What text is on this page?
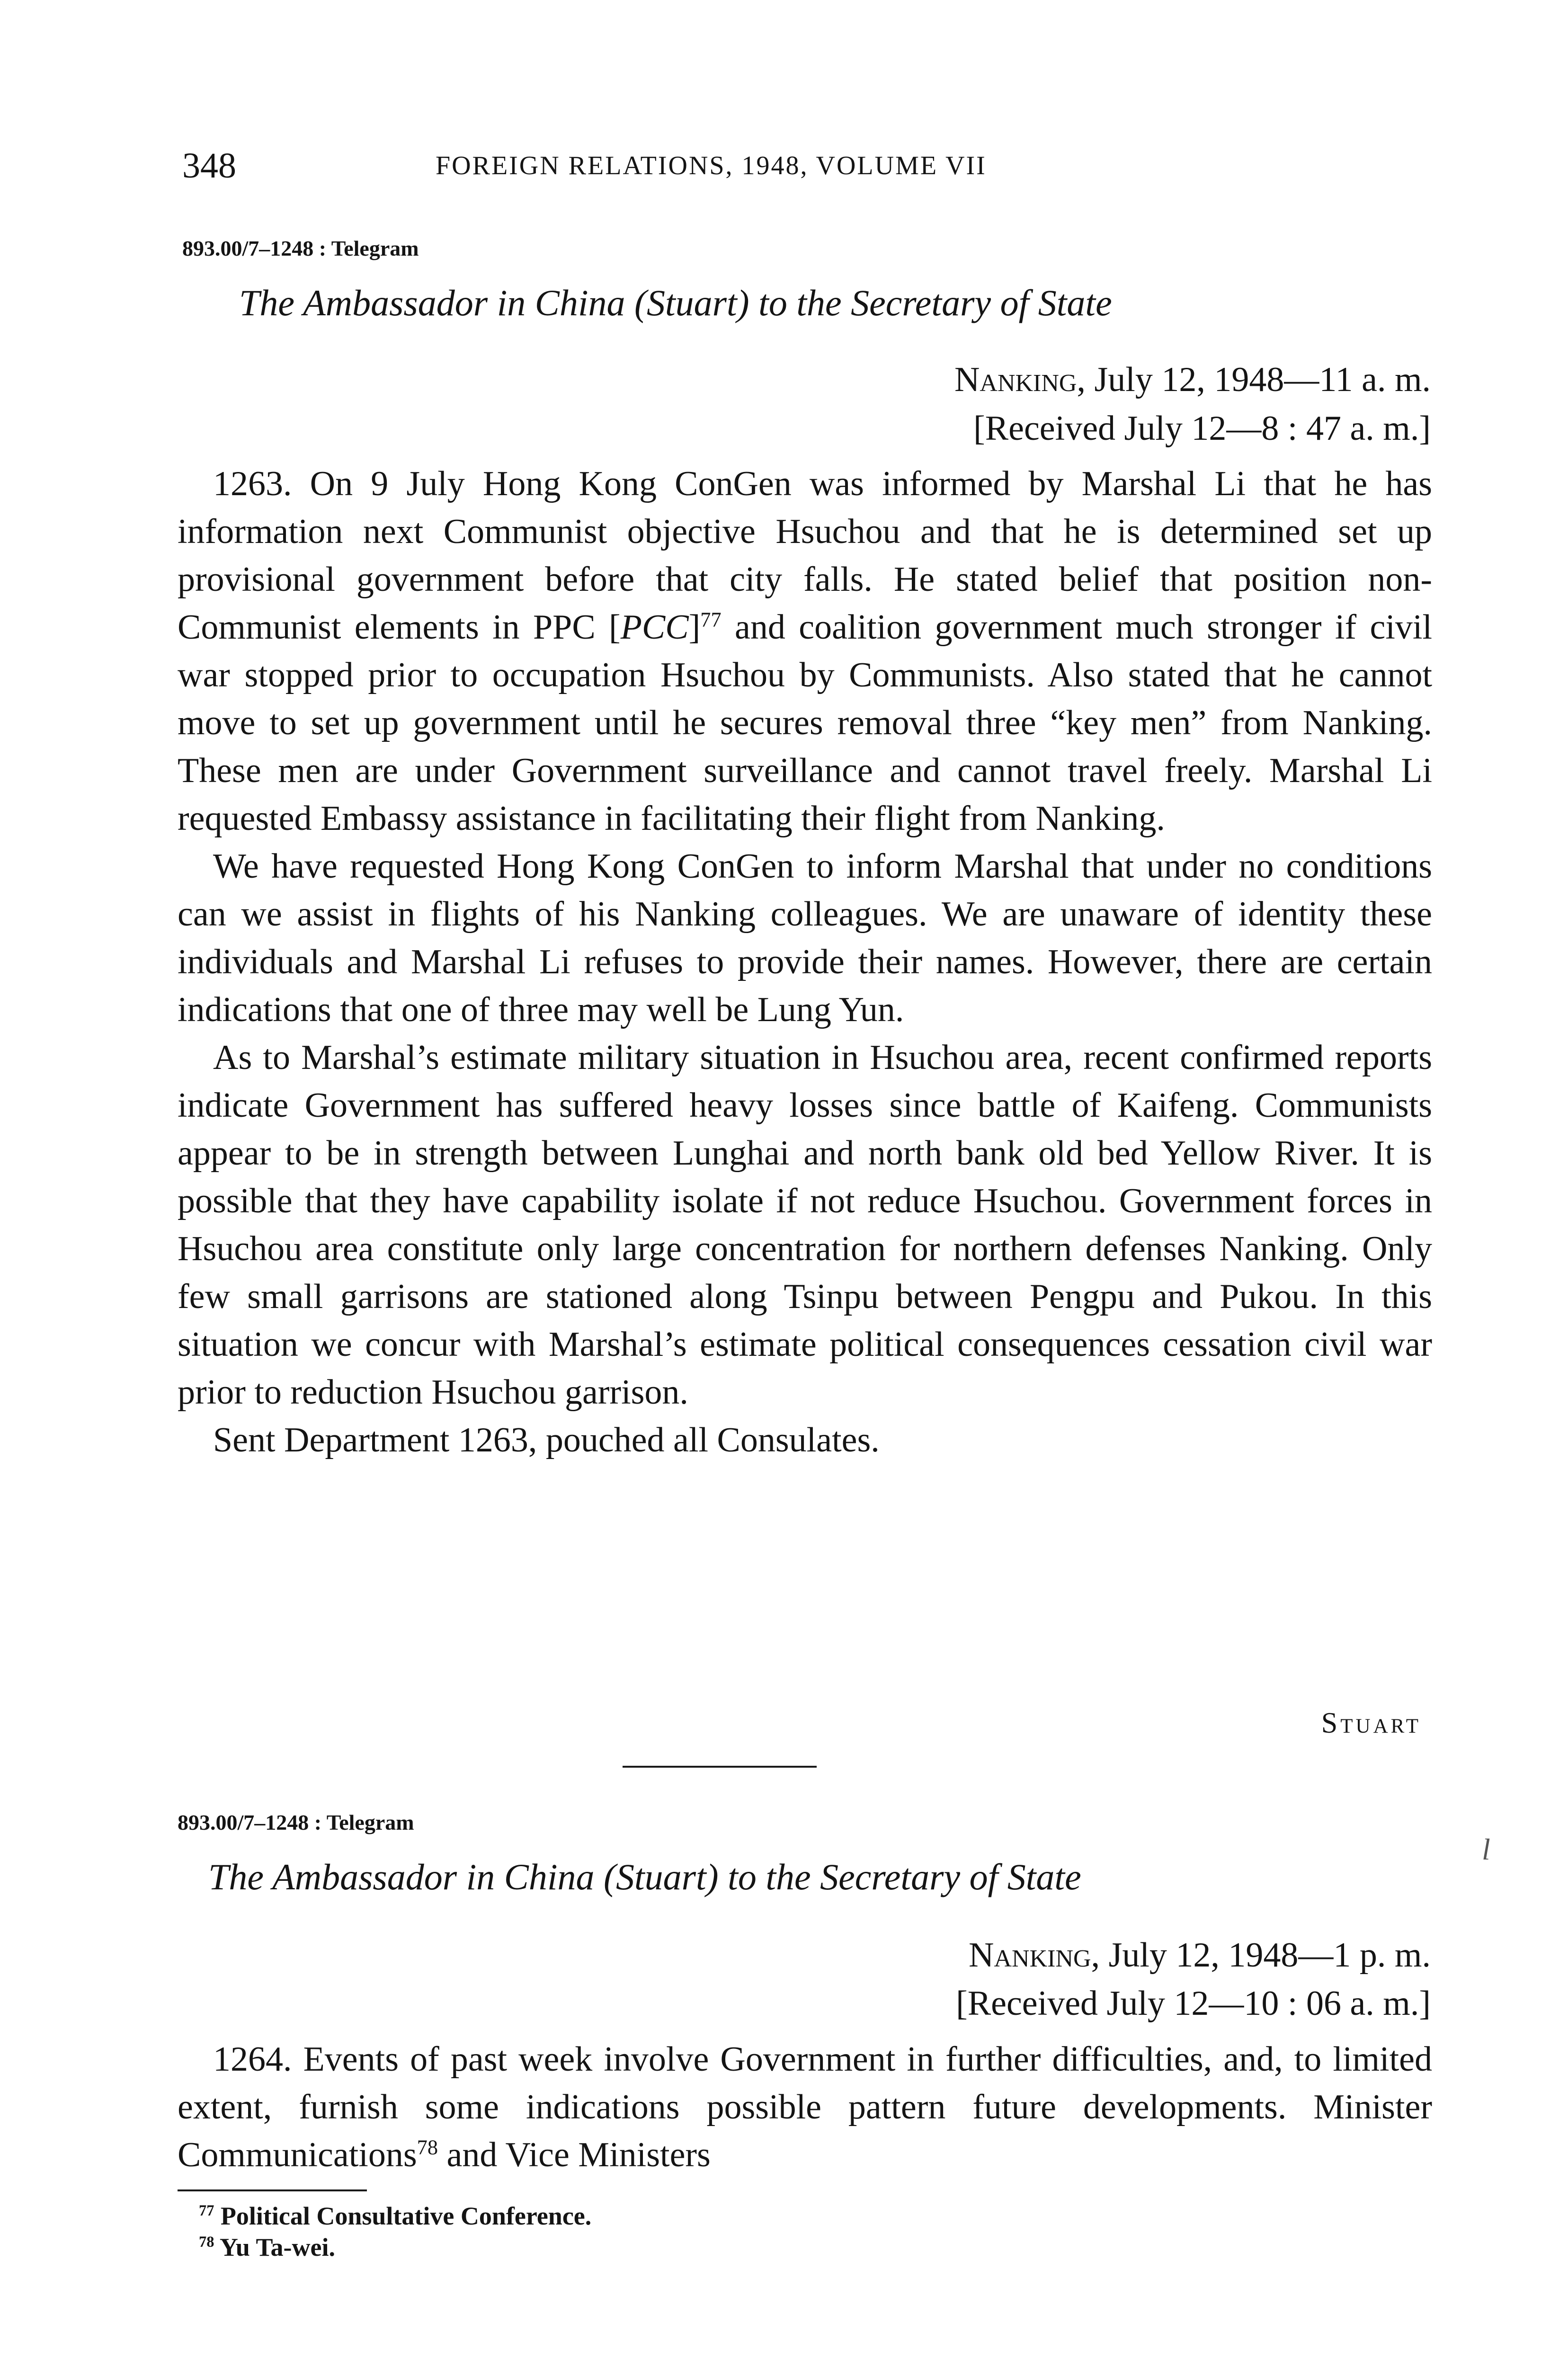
348	FOREIGN RELATIONS, 1948, VOLUME VII
893.00/7–1248 : Telegram
The Ambassador in China (Stuart) to the Secretary of State
Nanking, July 12, 1948—11 a. m.
[Received July 12—8 : 47 a. m.]

1263. On 9 July Hong Kong ConGen was informed by Marshal Li that he has information next Communist objective Hsuchou and that he is determined set up provisional government before that city falls. He stated belief that position non-Communist elements in PPC [PCC]$^{77}$ and coalition government much stronger if civil war stopped prior to occupation Hsuchou by Communists. Also stated that he cannot move to set up government until he secures removal three “key men” from Nanking. These men are under Government surveillance and cannot travel freely. Marshal Li requested Embassy assistance in facilitating their flight from Nanking.

We have requested Hong Kong ConGen to inform Marshal that under no conditions can we assist in flights of his Nanking colleagues. We are unaware of identity these individuals and Marshal Li refuses to provide their names. However, there are certain indications that one of three may well be Lung Yun.

As to Marshal’s estimate military situation in Hsuchou area, recent confirmed reports indicate Government has suffered heavy losses since battle of Kaifeng. Communists appear to be in strength between Lunghai and north bank old bed Yellow River. It is possible that they have capability isolate if not reduce Hsuchou. Government forces in Hsuchou area constitute only large concentration for northern defenses Nanking. Only few small garrisons are stationed along Tsinpu between Pengpu and Pukou. In this situation we concur with Marshal’s estimate political consequences cessation civil war prior to reduction Hsuchou garrison.

Sent Department 1263, pouched all Consulates.

Stuart
893.00/7–1248 : Telegram
The Ambassador in China (Stuart) to the Secretary of State
l
Nanking, July 12, 1948—1 p. m.
[Received July 12—10 : 06 a. m.]

1264. Events of past week involve Government in further difficulties, and, to limited extent, furnish some indications possible pattern future developments. Minister Communications$^{78}$ and Vice Ministers

$^{77}$ Political Consultative Conference.
$^{78}$ Yu Ta-wei.
